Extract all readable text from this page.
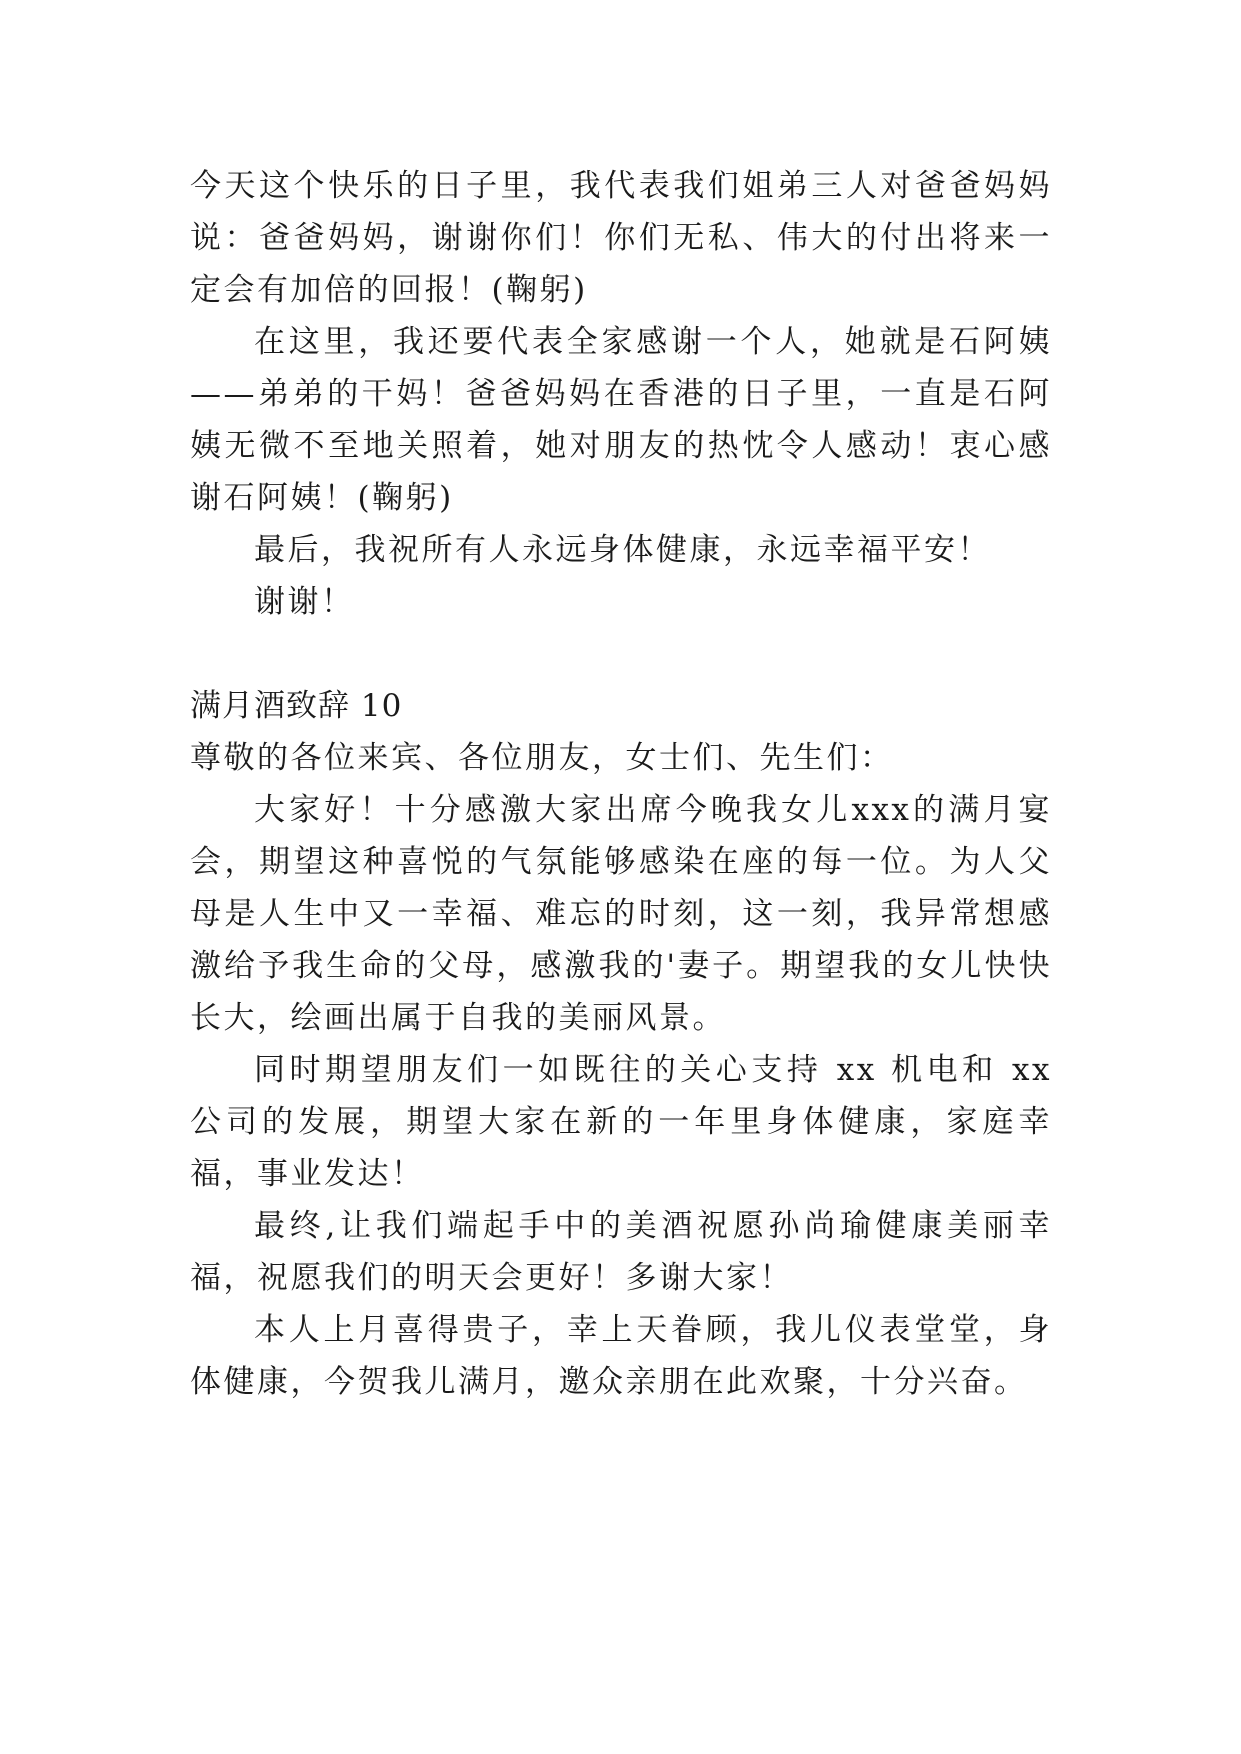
今天这个快乐的日子里，我代表我们姐弟三人对爸爸妈妈说：爸爸妈妈，谢谢你们！你们无私、伟大的付出将来一定会有加倍的回报！(鞠躬)

在这里，我还要代表全家感谢一个人，她就是石阿姨——弟弟的干妈！爸爸妈妈在香港的日子里，一直是石阿姨无微不至地关照着，她对朋友的热忱令人感动！衷心感谢石阿姨！(鞠躬)

最后，我祝所有人永远身体健康，永远幸福平安！

谢谢！

满月酒致辞 10

尊敬的各位来宾、各位朋友，女士们、先生们：

大家好！十分感激大家出席今晚我女儿xxx的满月宴会，期望这种喜悦的气氛能够感染在座的每一位。为人父母是人生中又一幸福、难忘的时刻，这一刻，我异常想感激给予我生命的父母，感激我的'妻子。期望我的女儿快快长大，绘画出属于自我的美丽风景。

同时期望朋友们一如既往的关心支持 xx 机电和 xx 公司的发展，期望大家在新的一年里身体健康，家庭幸福，事业发达！

最终,让我们端起手中的美酒祝愿孙尚瑜健康美丽幸福，祝愿我们的明天会更好！多谢大家！

本人上月喜得贵子，幸上天眷顾，我儿仪表堂堂，身体健康，今贺我儿满月，邀众亲朋在此欢聚，十分兴奋。
